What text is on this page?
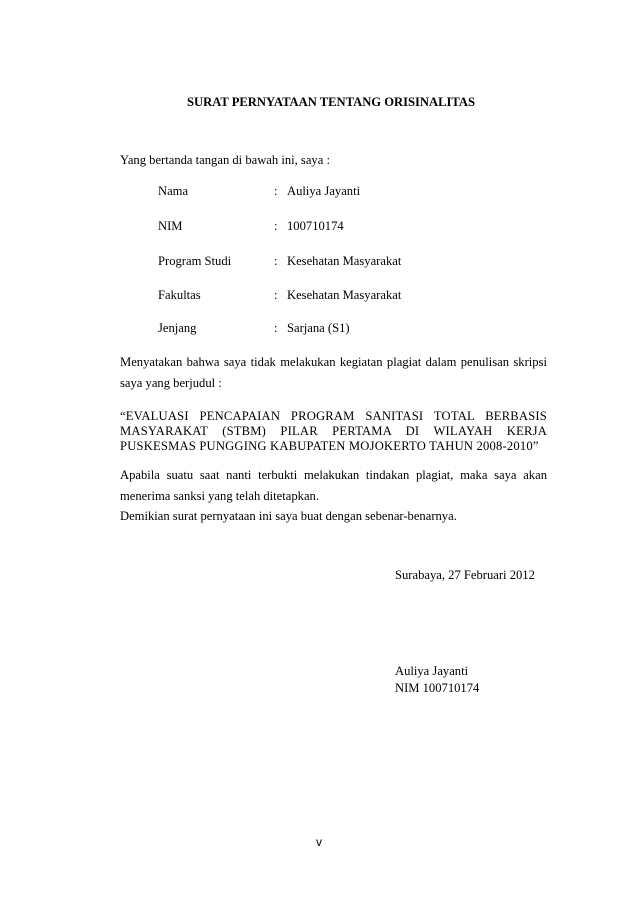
SURAT PERNYATAAN TENTANG ORISINALITAS
Yang bertanda tangan di bawah ini, saya :
Nama	: Auliya Jayanti
NIM	: 100710174
Program Studi	: Kesehatan Masyarakat
Fakultas	: Kesehatan Masyarakat
Jenjang	: Sarjana (S1)
Menyatakan bahwa saya tidak melakukan kegiatan plagiat dalam penulisan skripsi
saya yang berjudul :
“EVALUASI PENCAPAIAN PROGRAM SANITASI TOTAL BERBASIS
MASYARAKAT (STBM) PILAR PERTAMA DI WILAYAH KERJA
PUSKESMAS PUNGGING KABUPATEN MOJOKERTO TAHUN 2008-2010”
Apabila suatu saat nanti terbukti melakukan tindakan plagiat, maka saya akan
menerima sanksi yang telah ditetapkan.
Demikian surat pernyataan ini saya buat dengan sebenar-benarnya.
Surabaya, 27 Februari 2012
Auliya Jayanti
NIM 100710174
v
